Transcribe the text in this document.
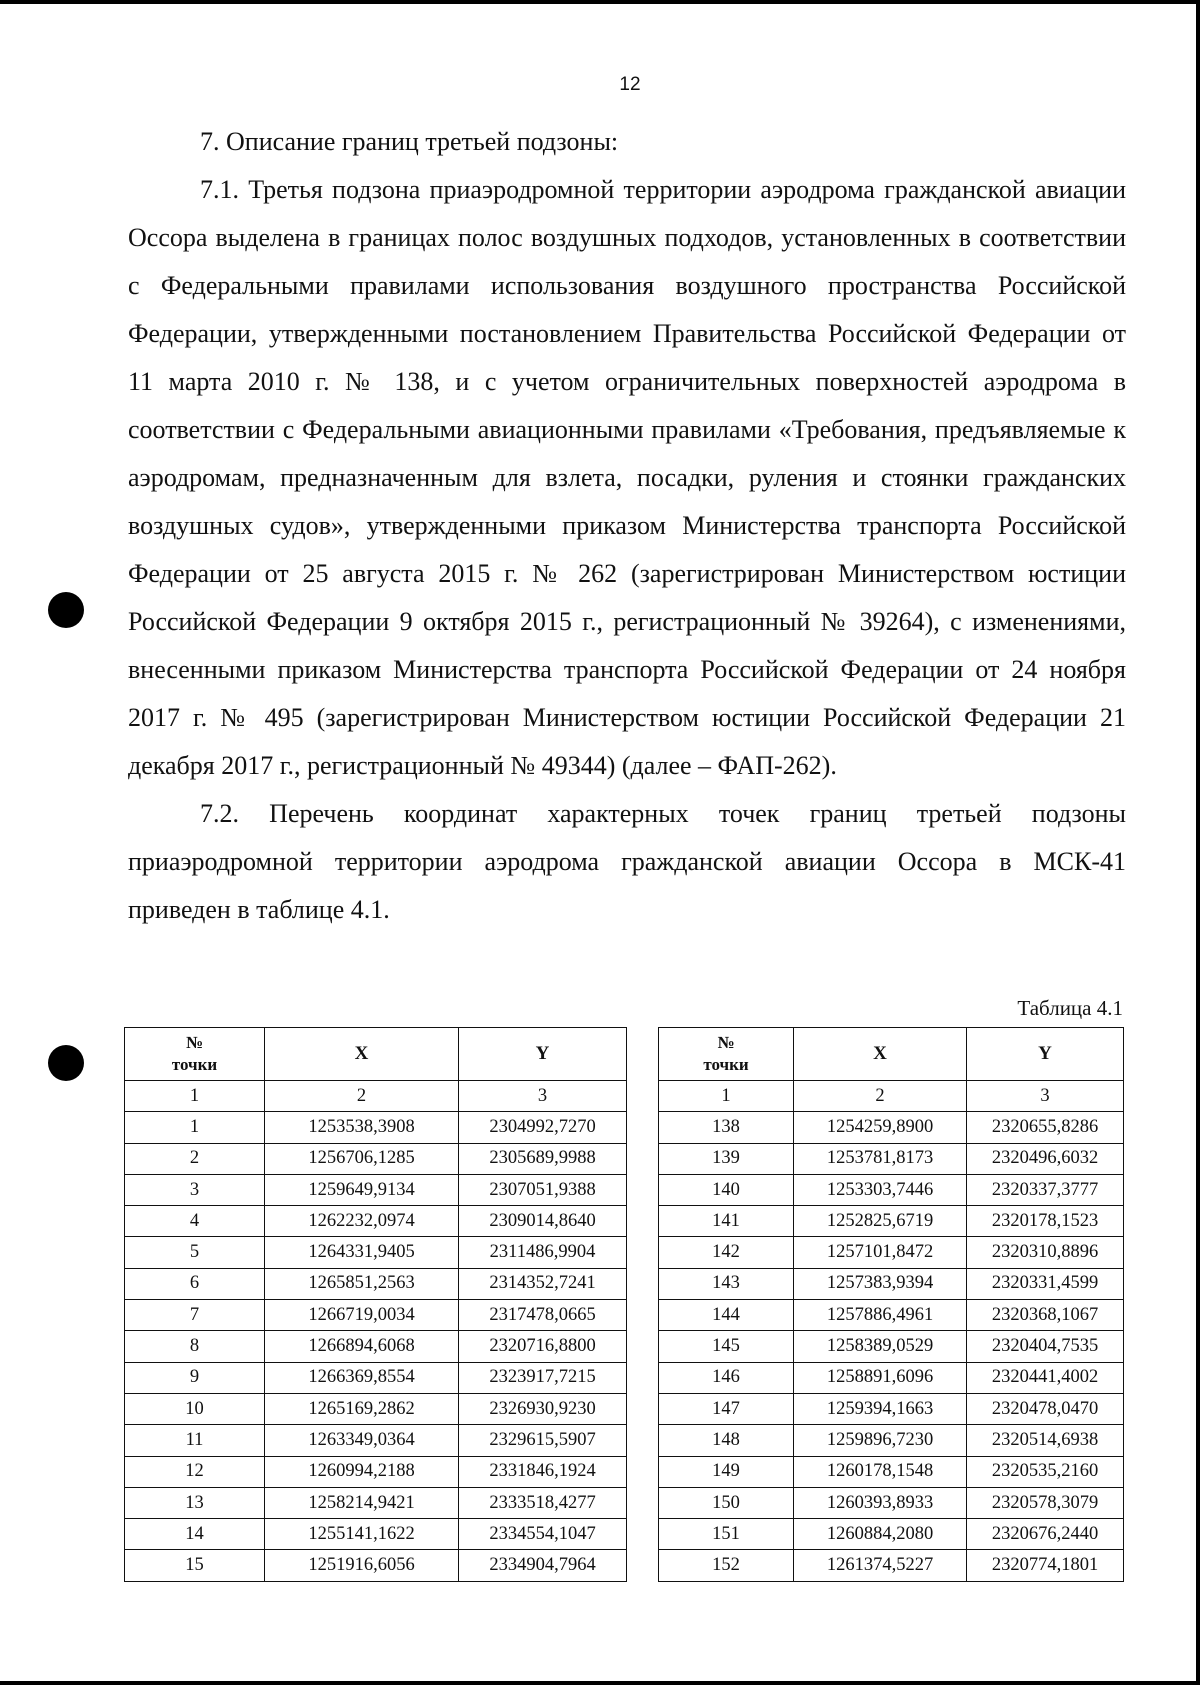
12

7. Описание границ третьей подзоны:

7.1. Третья подзона приаэродромной территории аэродрома гражданской авиации Оссора выделена в границах полос воздушных подходов, установленных в соответствии с Федеральными правилами использования воздушного пространства Российской Федерации, утвержденными постановлением Правительства Российской Федерации от 11 марта 2010 г. № 138, и с учетом ограничительных поверхностей аэродрома в соответствии с Федеральными авиационными правилами «Требования, предъявляемые к аэродромам, предназначенным для взлета, посадки, руления и стоянки гражданских воздушных судов», утвержденными приказом Министерства транспорта Российской Федерации от 25 августа 2015 г. № 262 (зарегистрирован Министерством юстиции Российской Федерации 9 октября 2015 г., регистрационный № 39264), с изменениями, внесенными приказом Министерства транспорта Российской Федерации от 24 ноября 2017 г. № 495 (зарегистрирован Министерством юстиции Российской Федерации 21 декабря 2017 г., регистрационный № 49344) (далее – ФАП-262).

7.2. Перечень координат характерных точек границ третьей подзоны приаэродромной территории аэродрома гражданской авиации Оссора в МСК-41 приведен в таблице 4.1.

Таблица 4.1
№
точки	X	Y
1	2	3
1	1253538,3908	2304992,7270
2	1256706,1285	2305689,9988
3	1259649,9134	2307051,9388
4	1262232,0974	2309014,8640
5	1264331,9405	2311486,9904
6	1265851,2563	2314352,7241
7	1266719,0034	2317478,0665
8	1266894,6068	2320716,8800
9	1266369,8554	2323917,7215
10	1265169,2862	2326930,9230
11	1263349,0364	2329615,5907
12	1260994,2188	2331846,1924
13	1258214,9421	2333518,4277
14	1255141,1622	2334554,1047
15	1251916,6056	2334904,7964
№
точки	X	Y
1	2	3
138	1254259,8900	2320655,8286
139	1253781,8173	2320496,6032
140	1253303,7446	2320337,3777
141	1252825,6719	2320178,1523
142	1257101,8472	2320310,8896
143	1257383,9394	2320331,4599
144	1257886,4961	2320368,1067
145	1258389,0529	2320404,7535
146	1258891,6096	2320441,4002
147	1259394,1663	2320478,0470
148	1259896,7230	2320514,6938
149	1260178,1548	2320535,2160
150	1260393,8933	2320578,3079
151	1260884,2080	2320676,2440
152	1261374,5227	2320774,1801
